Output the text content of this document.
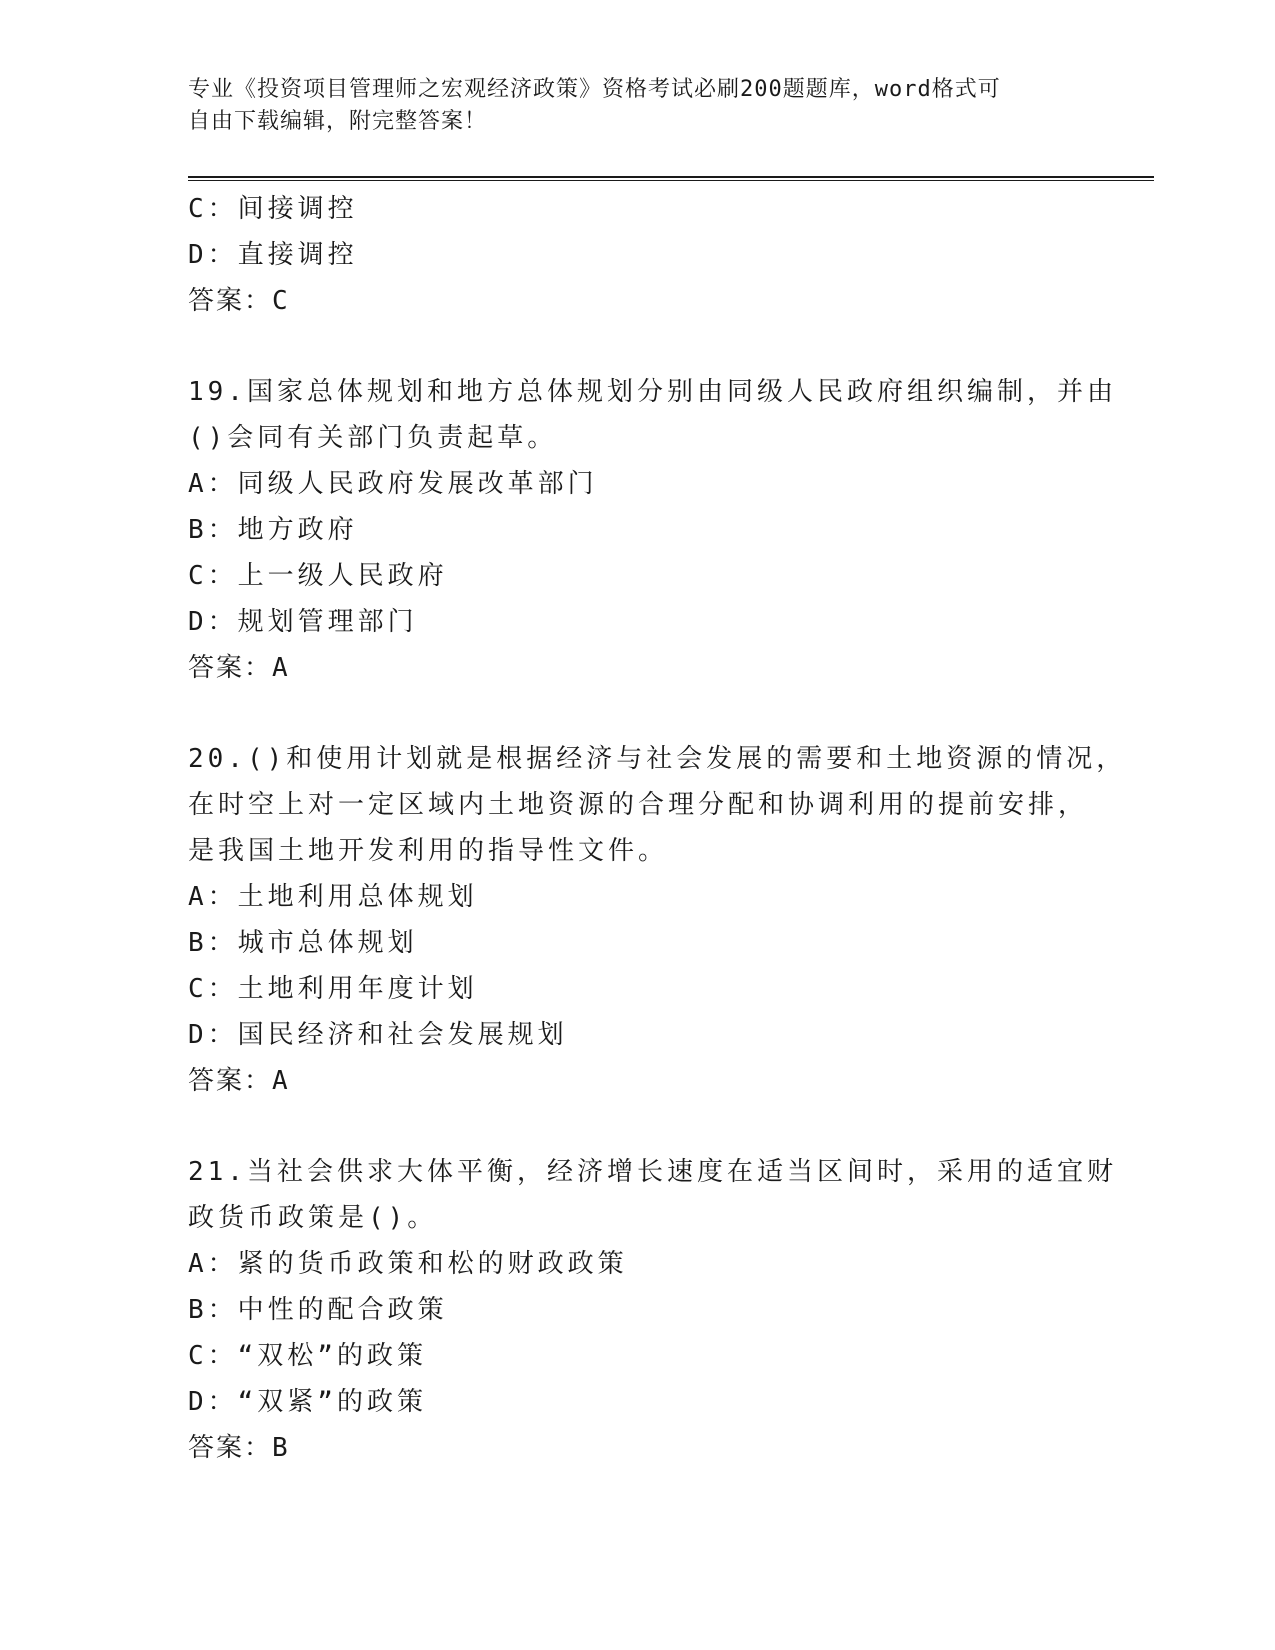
专业《投资项目管理师之宏观经济政策》资格考试必刷200题题库，word格式可
自由下载编辑，附完整答案！
C：间接调控
D：直接调控
答案：C
19.国家总体规划和地方总体规划分别由同级人民政府组织编制，并由
()会同有关部门负责起草。
A：同级人民政府发展改革部门
B：地方政府
C：上一级人民政府
D：规划管理部门
答案：A
20.()和使用计划就是根据经济与社会发展的需要和土地资源的情况，
在时空上对一定区域内土地资源的合理分配和协调利用的提前安排，
是我国土地开发利用的指导性文件。
A：土地利用总体规划
B：城市总体规划
C：土地利用年度计划
D：国民经济和社会发展规划
答案：A
21.当社会供求大体平衡，经济增长速度在适当区间时，采用的适宜财
政货币政策是()。
A：紧的货币政策和松的财政政策
B：中性的配合政策
C：“双松”的政策
D：“双紧”的政策
答案：B
